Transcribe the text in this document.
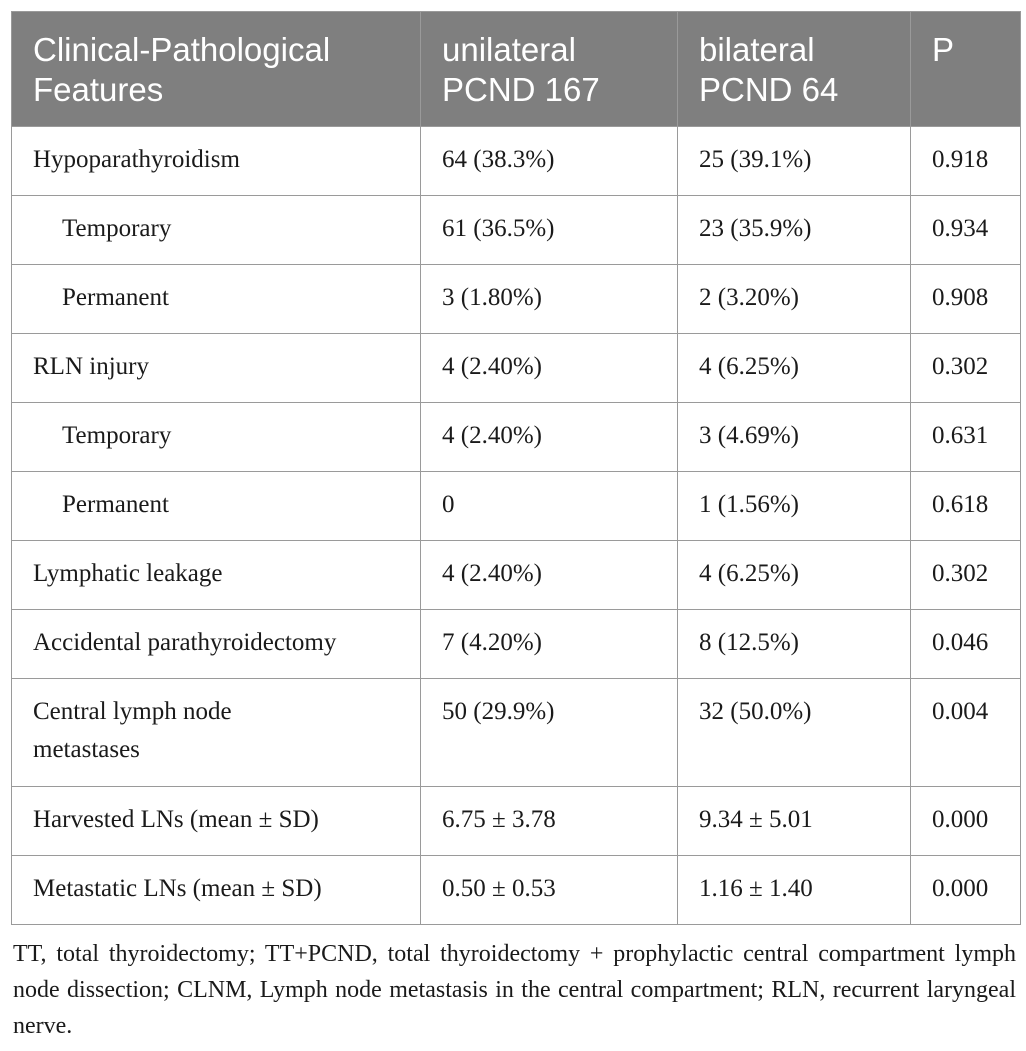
Clinical-Pathological Features	unilateral PCND 167	bilateral PCND 64	P
Hypoparathyroidism	64 (38.3%)	25 (39.1%)	0.918
Temporary	61 (36.5%)	23 (35.9%)	0.934
Permanent	3 (1.80%)	2 (3.20%)	0.908
RLN injury	4 (2.40%)	4 (6.25%)	0.302
Temporary	4 (2.40%)	3 (4.69%)	0.631
Permanent	0	1 (1.56%)	0.618
Lymphatic leakage	4 (2.40%)	4 (6.25%)	0.302
Accidental parathyroidectomy	7 (4.20%)	8 (12.5%)	0.046
Central lymph node metastases	50 (29.9%)	32 (50.0%)	0.004
Harvested LNs (mean ± SD)	6.75 ± 3.78	9.34 ± 5.01	0.000
Metastatic LNs (mean ± SD)	0.50 ± 0.53	1.16 ± 1.40	0.000
TT, total thyroidectomy; TT+PCND, total thyroidectomy + prophylactic central compartment lymph node dissection; CLNM, Lymph node metastasis in the central compartment; RLN, recurrent laryngeal nerve.
